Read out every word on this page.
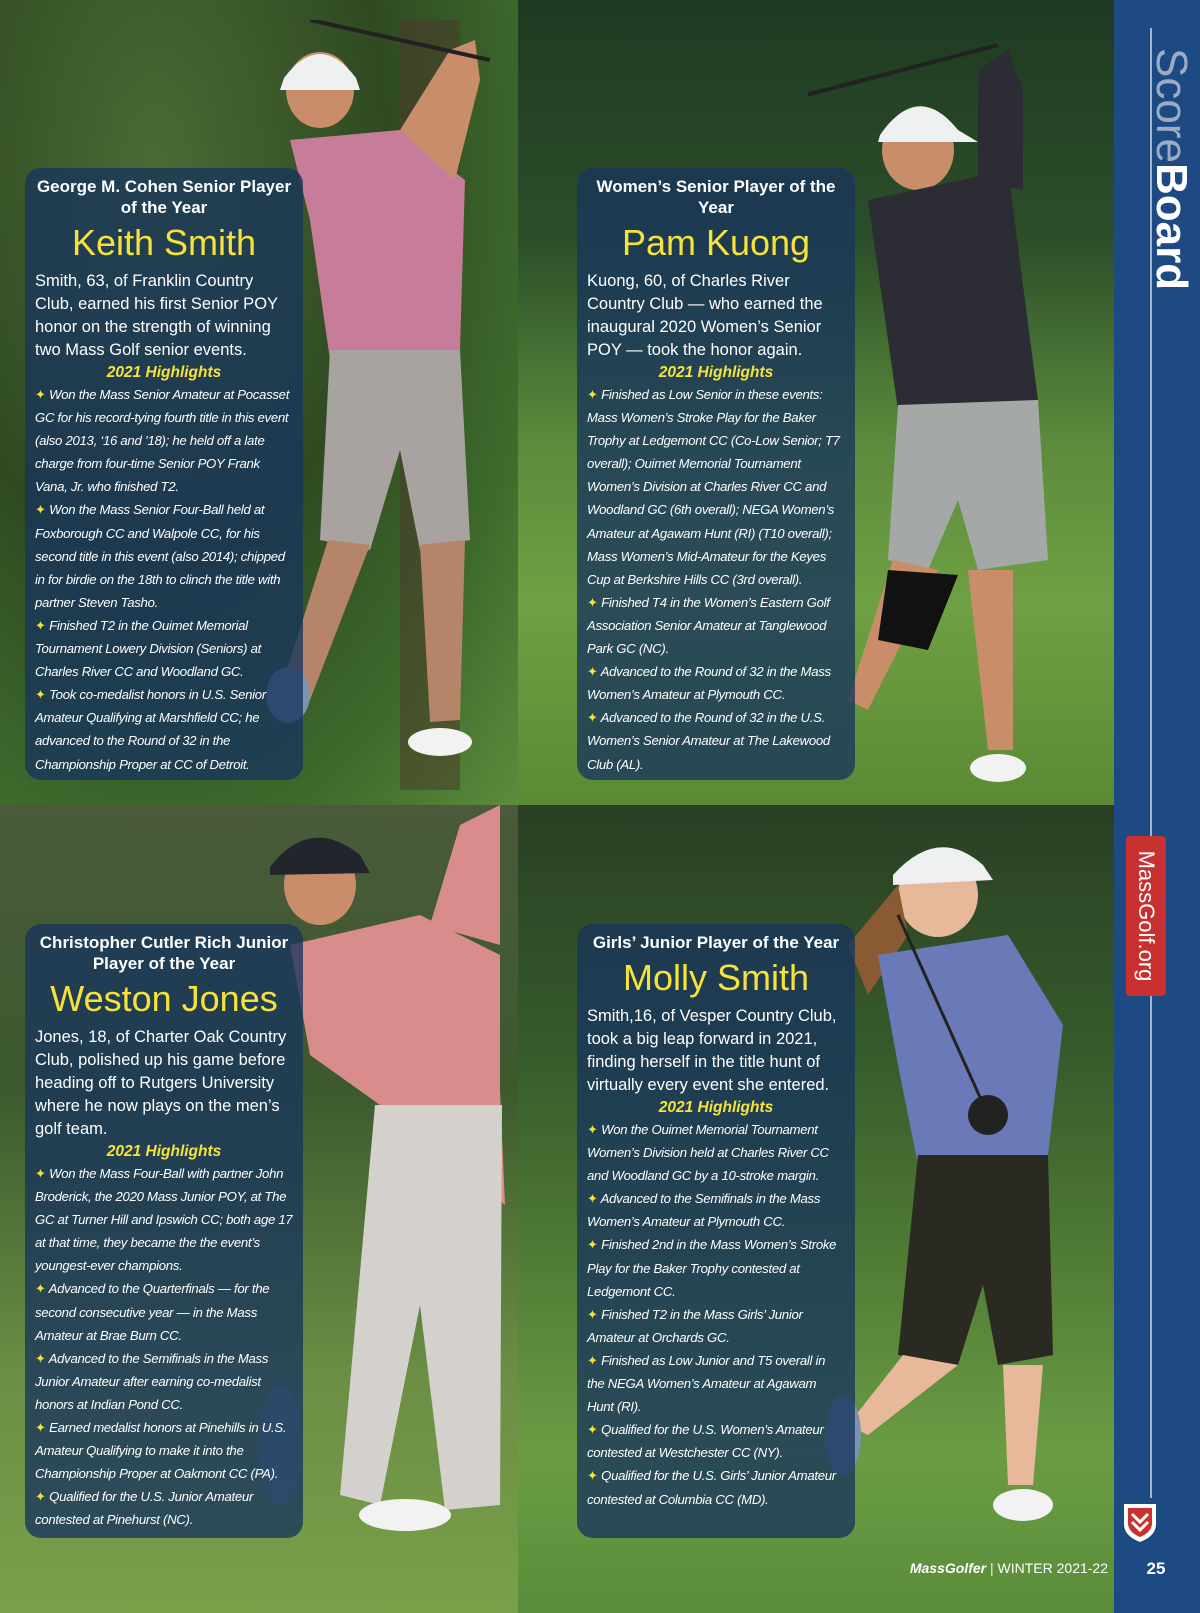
George M. Cohen Senior Player of the Year
Keith Smith
Smith, 63, of Franklin Country Club, earned his first Senior POY honor on the strength of winning two Mass Golf senior events.
2021 Highlights
✦ Won the Mass Senior Amateur at Pocasset GC for his record-tying fourth title in this event (also 2013, ‘16 and ’18); he held off a late charge from four-time Senior POY Frank Vana, Jr. who finished T2.
✦ Won the Mass Senior Four-Ball held at Foxborough CC and Walpole CC, for his second title in this event (also 2014); chipped in for birdie on the 18th to clinch the title with partner Steven Tasho.
✦ Finished T2 in the Ouimet Memorial Tournament Lowery Division (Seniors) at Charles River CC and Woodland GC.
✦ Took co-medalist honors in U.S. Senior Amateur Qualifying at Marshfield CC; he advanced to the Round of 32 in the Championship Proper at CC of Detroit.
Women’s Senior Player of the Year
Pam Kuong
Kuong, 60, of Charles River Country Club — who earned the inaugural 2020 Women’s Senior POY — took the honor again.
2021 Highlights
✦ Finished as Low Senior in these events: Mass Women’s Stroke Play for the Baker Trophy at Ledgemont CC (Co-Low Senior; T7 overall); Ouimet Memorial Tournament Women’s Division at Charles River CC and Woodland GC (6th overall); NEGA Women’s Amateur at Agawam Hunt (RI) (T10 overall); Mass Women’s Mid-Amateur for the Keyes Cup at Berkshire Hills CC (3rd overall).
✦ Finished T4 in the Women’s Eastern Golf Association Senior Amateur at Tanglewood Park GC (NC).
✦ Advanced to the Round of 32 in the Mass Women’s Amateur at Plymouth CC.
✦ Advanced to the Round of 32 in the U.S. Women’s Senior Amateur at The Lakewood Club (AL).
Christopher Cutler Rich Junior Player of the Year
Weston Jones
Jones, 18, of Charter Oak Country Club, polished up his game before heading off to Rutgers University where he now plays on the men’s golf team.
2021 Highlights
✦ Won the Mass Four-Ball with partner John Broderick, the 2020 Mass Junior POY, at The GC at Turner Hill and Ipswich CC; both age 17 at that time, they became the the event’s youngest-ever champions.
✦ Advanced to the Quarterfinals — for the second consecutive year — in the Mass Amateur at Brae Burn CC.
✦ Advanced to the Semifinals in the Mass Junior Amateur after earning co-medalist honors at Indian Pond CC.
✦ Earned medalist honors at Pinehills in U.S. Amateur Qualifying to make it into the Championship Proper at Oakmont CC (PA).
✦ Qualified for the U.S. Junior Amateur contested at Pinehurst (NC).
Girls’ Junior Player of the Year
Molly Smith
Smith,16, of Vesper Country Club, took a big leap forward in 2021, finding herself in the title hunt of virtually every event she entered.
2021 Highlights
✦ Won the Ouimet Memorial Tournament Women’s Division held at Charles River CC and Woodland GC by a 10-stroke margin.
✦ Advanced to the Semifinals in the Mass Women’s Amateur at Plymouth CC.
✦ Finished 2nd in the Mass Women’s Stroke Play for the Baker Trophy contested at Ledgemont CC.
✦ Finished T2 in the Mass Girls’ Junior Amateur at Orchards GC.
✦ Finished as Low Junior and T5 overall in the NEGA Women’s Amateur at Agawam Hunt (RI).
✦ Qualified for the U.S. Women’s Amateur contested at Westchester CC (NY).
✦ Qualified for the U.S. Girls’ Junior Amateur contested at Columbia CC (MD).
ScoreBoard
MassGolf.org
MassGolfer | WINTER 2021-22	25
